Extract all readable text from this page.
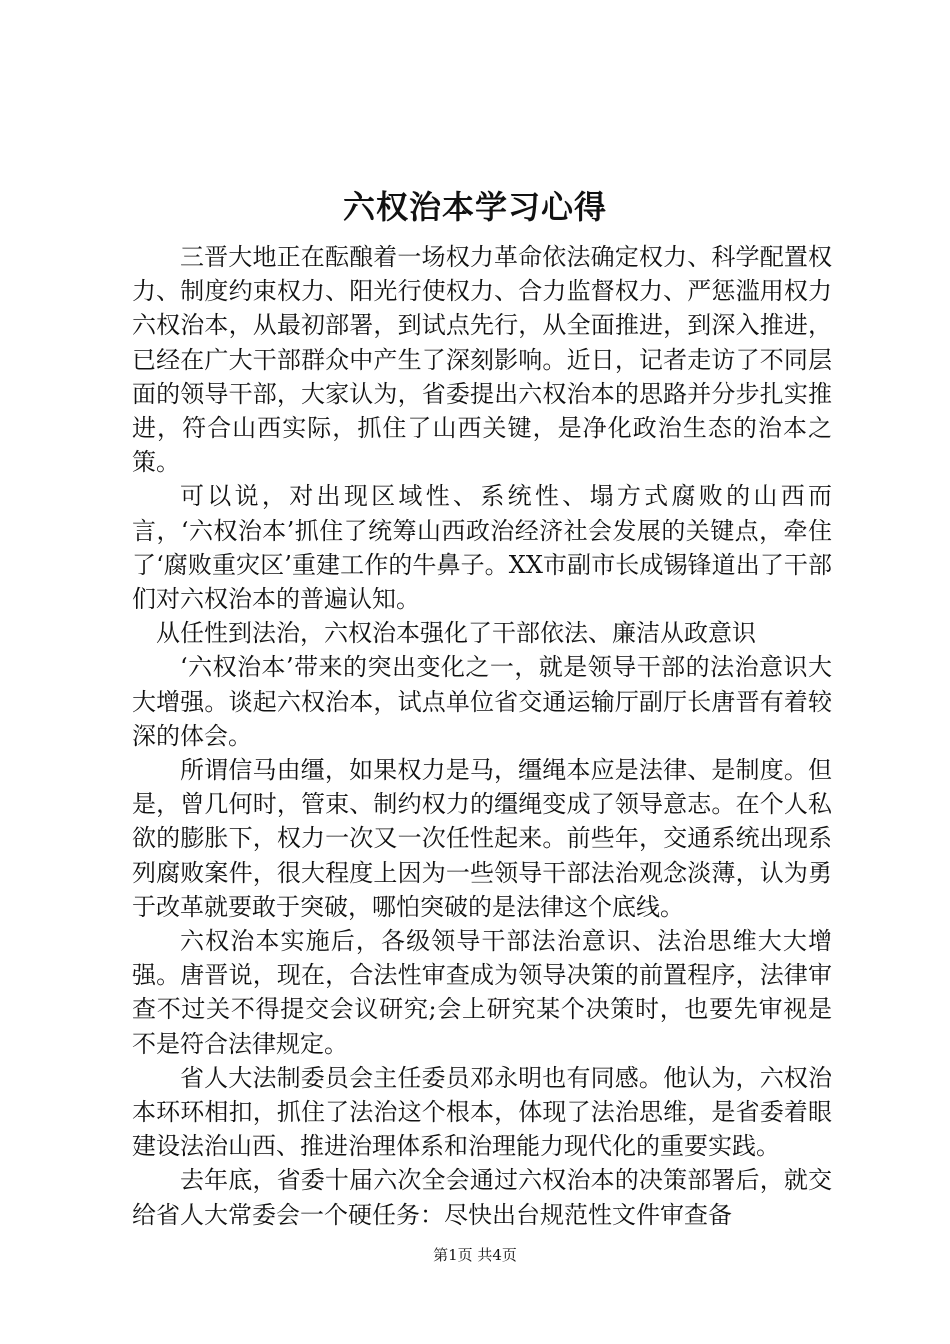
六权治本学习心得

三晋大地正在酝酿着一场权力革命依法确定权力、科学配置权力、制度约束权力、阳光行使权力、合力监督权力、严惩滥用权力六权治本，从最初部署，到试点先行，从全面推进，到深入推进，已经在广大干部群众中产生了深刻影响。近日，记者走访了不同层面的领导干部，大家认为，省委提出六权治本的思路并分步扎实推进，符合山西实际，抓住了山西关键，是净化政治生态的治本之策。

可以说，对出现区域性、系统性、塌方式腐败的山西而言，‘六权治本’抓住了统筹山西政治经济社会发展的关键点，牵住了‘腐败重灾区’重建工作的牛鼻子。XX市副市长成锡锋道出了干部们对六权治本的普遍认知。

从任性到法治，六权治本强化了干部依法、廉洁从政意识

‘六权治本’带来的突出变化之一，就是领导干部的法治意识大大增强。谈起六权治本，试点单位省交通运输厅副厅长唐晋有着较深的体会。

所谓信马由缰，如果权力是马，缰绳本应是法律、是制度。但是，曾几何时，管束、制约权力的缰绳变成了领导意志。在个人私欲的膨胀下，权力一次又一次任性起来。前些年，交通系统出现系列腐败案件，很大程度上因为一些领导干部法治观念淡薄，认为勇于改革就要敢于突破，哪怕突破的是法律这个底线。

六权治本实施后，各级领导干部法治意识、法治思维大大增强。唐晋说，现在，合法性审查成为领导决策的前置程序，法律审查不过关不得提交会议研究;会上研究某个决策时，也要先审视是不是符合法律规定。

省人大法制委员会主任委员邓永明也有同感。他认为，六权治本环环相扣，抓住了法治这个根本，体现了法治思维，是省委着眼建设法治山西、推进治理体系和治理能力现代化的重要实践。

去年底，省委十届六次全会通过六权治本的决策部署后，就交给省人大常委会一个硬任务：尽快出台规范性文件审查备

第1页 共4页
